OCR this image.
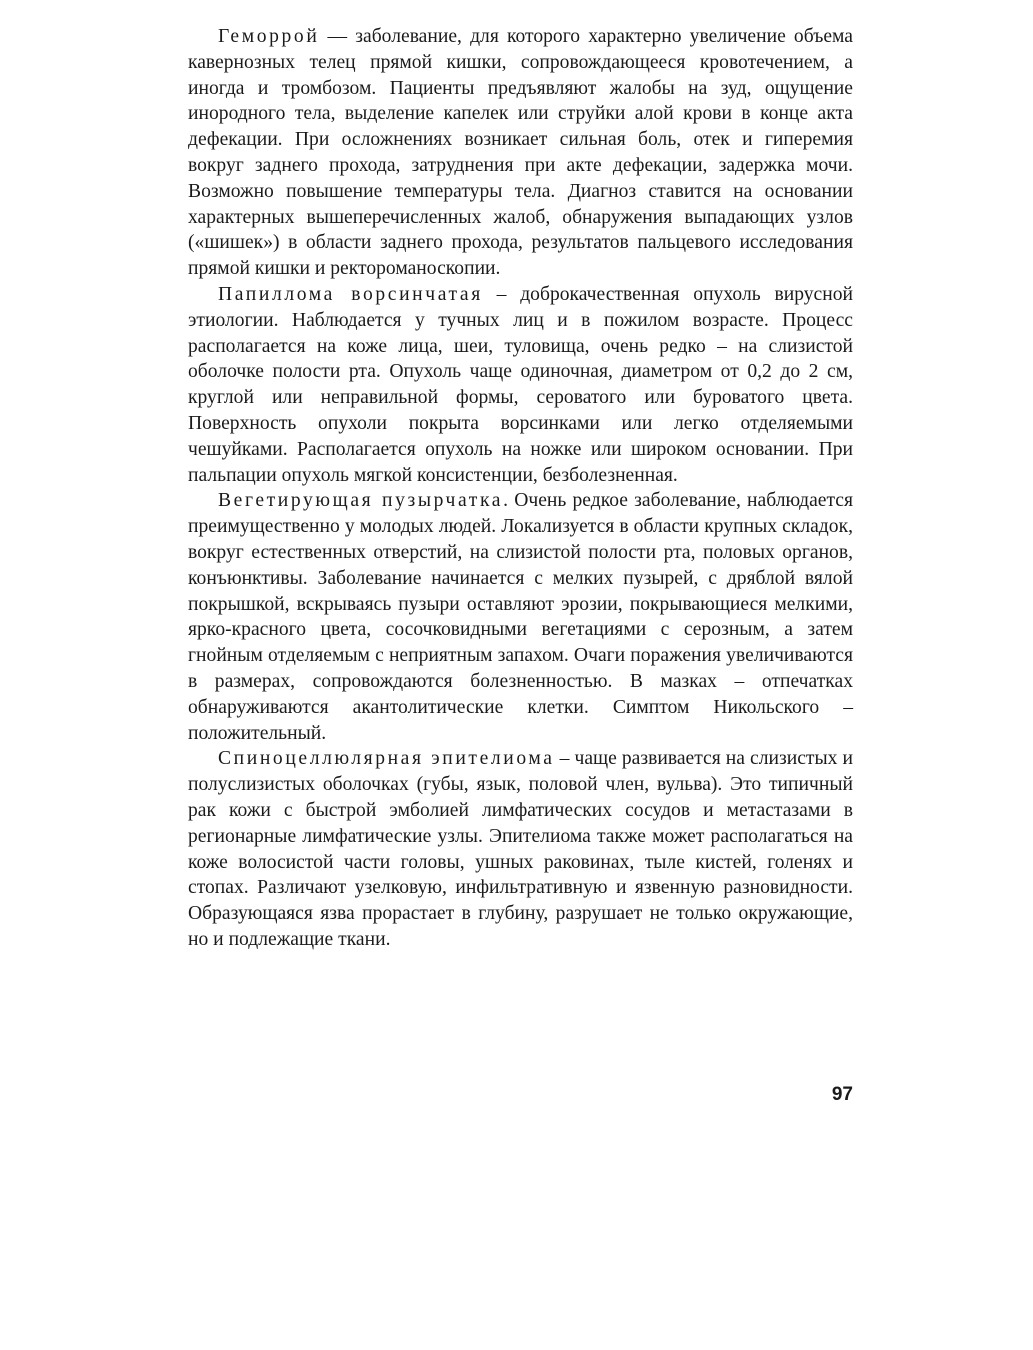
Геморрой — заболевание, для которого характерно увеличение объема кавернозных телец прямой кишки, сопровождающееся кровотечением, а иногда и тромбозом. Пациенты предъявляют жалобы на зуд, ощущение инородного тела, выделение капелек или струйки алой крови в конце акта дефекации. При осложнениях возникает сильная боль, отек и гиперемия вокруг заднего прохода, затруднения при акте дефекации, задержка мочи. Возможно повышение температуры тела. Диагноз ставится на основании характерных вышеперечисленных жалоб, обнаружения выпадающих узлов («шишек») в области заднего прохода, результатов пальцевого исследования прямой кишки и ректороманоскопии.

Папиллома ворсинчатая – доброкачественная опухоль вирусной этиологии. Наблюдается у тучных лиц и в пожилом возрасте. Процесс располагается на коже лица, шеи, туловища, очень редко – на слизистой оболочке полости рта. Опухоль чаще одиночная, диаметром от 0,2 до 2 см, круглой или неправильной формы, сероватого или буроватого цвета. Поверхность опухоли покрыта ворсинками или легко отделяемыми чешуйками. Располагается опухоль на ножке или широком основании. При пальпации опухоль мягкой консистенции, безболезненная.

Вегетирующая пузырчатка. Очень редкое заболевание, наблюдается преимущественно у молодых людей. Локализуется в области крупных складок, вокруг естественных отверстий, на слизистой полости рта, половых органов, конъюнктивы. Заболевание начинается с мелких пузырей, с дряблой вялой покрышкой, вскрываясь пузыри оставляют эрозии, покрывающиеся мелкими, ярко-красного цвета, сосочковидными вегетациями с серозным, а затем гнойным отделяемым с неприятным запахом. Очаги поражения увеличиваются в размерах, сопровождаются болезненностью. В мазках – отпечатках обнаруживаются акантолитические клетки. Симптом Никольского – положительный.

Спиноцеллюлярная эпителиома – чаще развивается на слизистых и полуслизистых оболочках (губы, язык, половой член, вульва). Это типичный рак кожи с быстрой эмболией лимфатических сосудов и метастазами в регионарные лимфатические узлы. Эпителиома также может располагаться на коже волосистой части головы, ушных раковинах, тыле кистей, голенях и стопах. Различают узелковую, инфильтративную и язвенную разновидности. Образующаяся язва прорастает в глубину, разрушает не только окружающие, но и подлежащие ткани.

97
